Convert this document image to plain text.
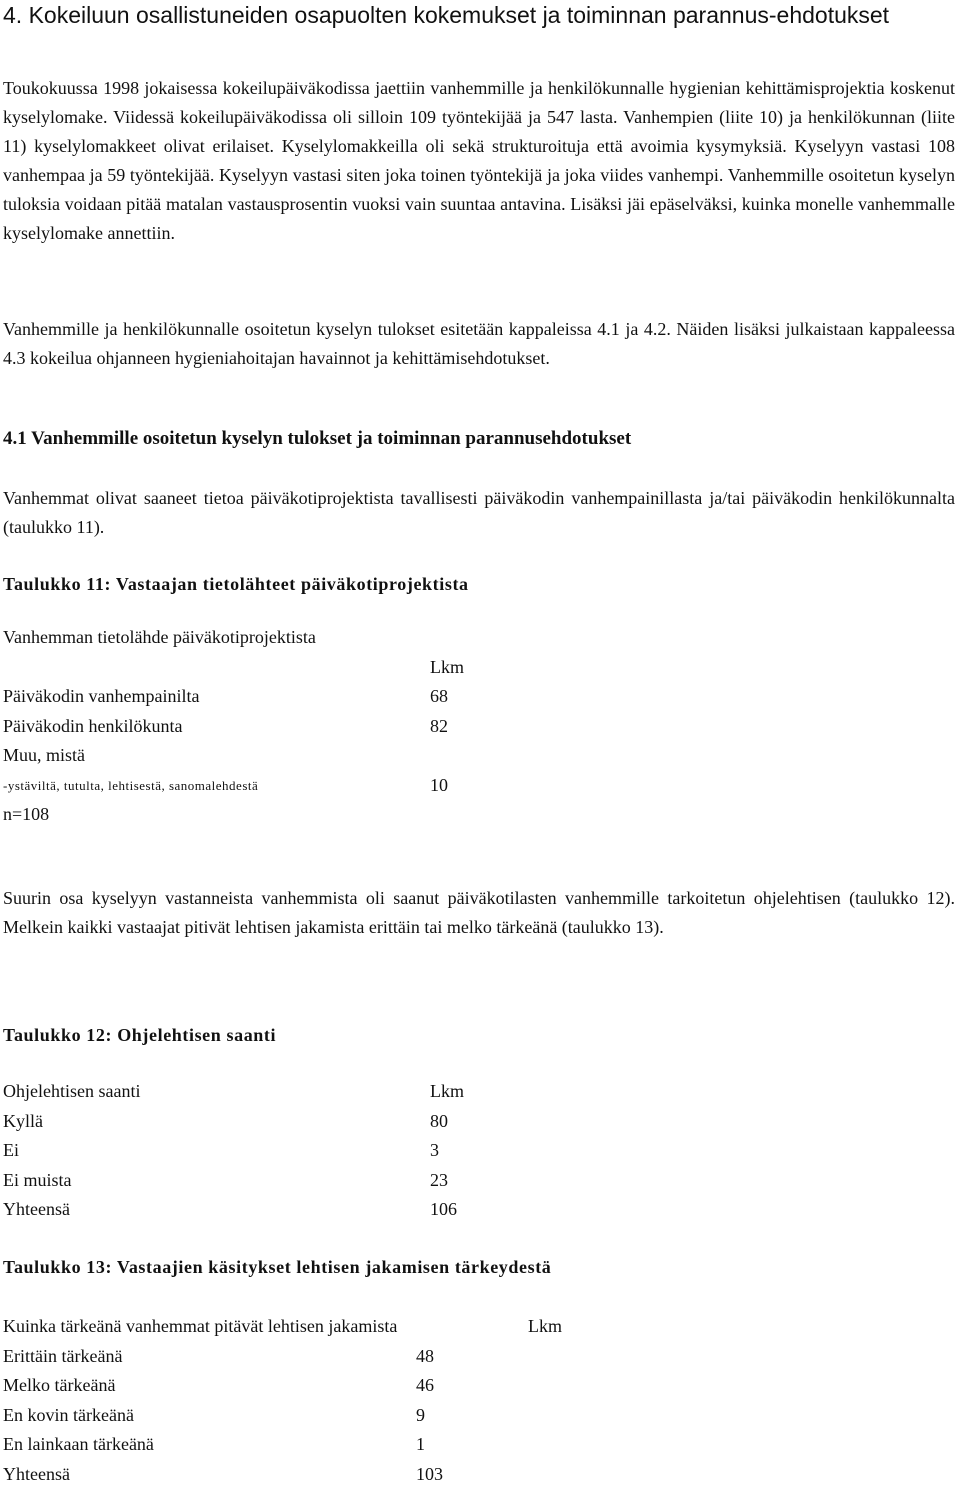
4. Kokeiluun osallistuneiden osapuolten kokemukset ja toiminnan parannus-ehdotukset

Toukokuussa 1998 jokaisessa kokeilupäiväkodissa jaettiin vanhemmille ja henkilökunnalle hygienian kehittämisprojektia koskenut kyselylomake. Viidessä kokeilupäiväkodissa oli silloin 109 työntekijää ja 547 lasta. Vanhempien (liite 10) ja henkilökunnan (liite 11) kyselylomakkeet olivat erilaiset. Kyselylomakkeilla oli sekä strukturoituja että avoimia kysymyksiä. Kyselyyn vastasi 108 vanhempaa ja 59 työntekijää. Kyselyyn vastasi siten joka toinen työntekijä ja joka viides vanhempi. Vanhemmille osoitetun kyselyn tuloksia voidaan pitää matalan vastausprosentin vuoksi vain suuntaa antavina. Lisäksi jäi epäselväksi, kuinka monelle vanhemmalle kyselylomake annettiin.

Vanhemmille ja henkilökunnalle osoitetun kyselyn tulokset esitetään kappaleissa 4.1 ja 4.2. Näiden lisäksi julkaistaan kappaleessa 4.3 kokeilua ohjanneen hygieniahoitajan havainnot ja kehittämisehdotukset.

4.1 Vanhemmille osoitetun kyselyn tulokset ja toiminnan parannusehdotukset

Vanhemmat olivat saaneet tietoa päiväkotiprojektista tavallisesti päiväkodin vanhempainillasta ja/tai päiväkodin henkilökunnalta (taulukko 11).

Taulukko 11: Vastaajan tietolähteet päiväkotiprojektista
Vanhemman tietolähde päiväkotiprojektista
Lkm
Päiväkodin vanhempainilta	68
Päiväkodin henkilökunta	82
Muu, mistä
-ystäviltä, tutulta, lehtisestä, sanomalehdestä	10
n=108

Suurin osa kyselyyn vastanneista vanhemmista oli saanut päiväkotilasten vanhemmille tarkoitetun ohjelehtisen (taulukko 12). Melkein kaikki vastaajat pitivät lehtisen jakamista erittäin tai melko tärkeänä (taulukko 13).

Taulukko 12: Ohjelehtisen saanti
Ohjelehtisen saanti	Lkm
Kyllä	80
Ei	3
Ei muista	23
Yhteensä	106
Taulukko 13: Vastaajien käsitykset lehtisen jakamisen tärkeydestä
Kuinka tärkeänä vanhemmat pitävät lehtisen jakamista	Lkm
Erittäin tärkeänä	48
Melko tärkeänä	46
En kovin tärkeänä	9
En lainkaan tärkeänä	1
Yhteensä	103
